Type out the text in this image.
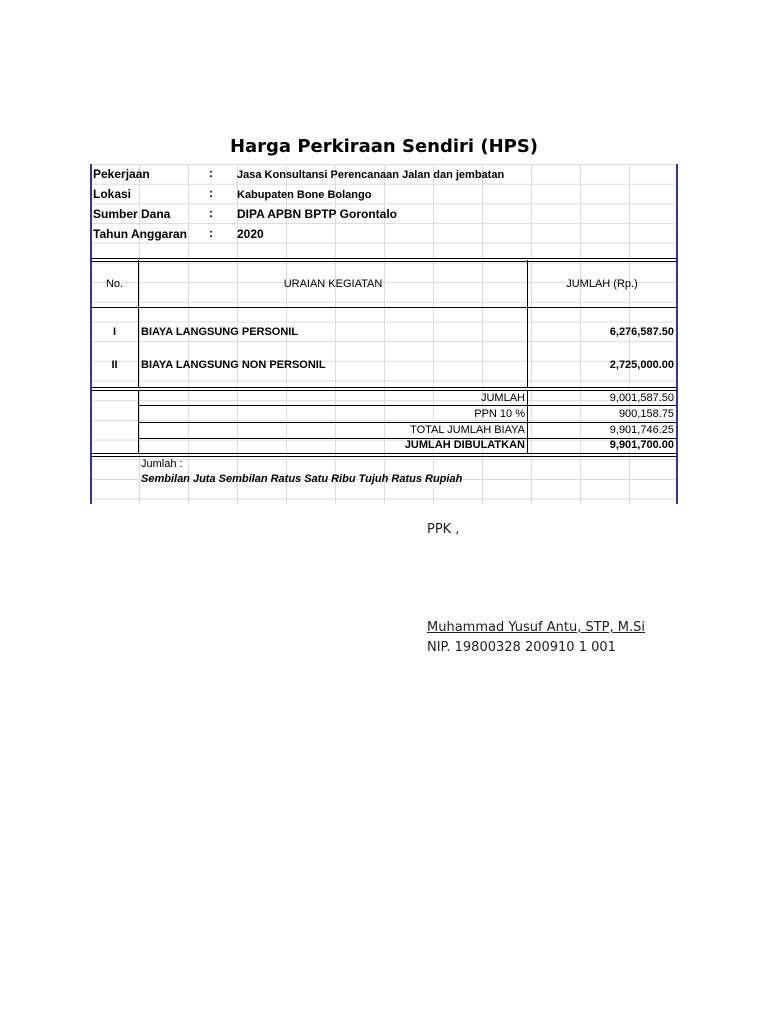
Harga Perkiraan Sendiri (HPS)
Pekerjaan	: Jasa Konsultansi Perencanaan Jalan dan jembatan
Lokasi	: Kabupaten Bone Bolango
Sumber Dana	: DIPA APBN BPTP Gorontalo
Tahun Anggaran : 2020
No.	URAIAN KEGIATAN	JUMLAH (Rp.)
I	BIAYA LANGSUNG PERSONIL	6,276,587.50
II	BIAYA LANGSUNG NON PERSONIL	2,725,000.00
JUMLAH	9,001,587.50
PPN 10 %	900,158.75
TOTAL JUMLAH BIAYA	9,901,746.25
JUMLAH DIBULATKAN	9,901,700.00
Jumlah :
Sembilan Juta Sembilan Ratus Satu Ribu Tujuh Ratus Rupiah
PPK ,
Muhammad Yusuf Antu, STP, M.Si
NIP. 19800328 200910 1 001
